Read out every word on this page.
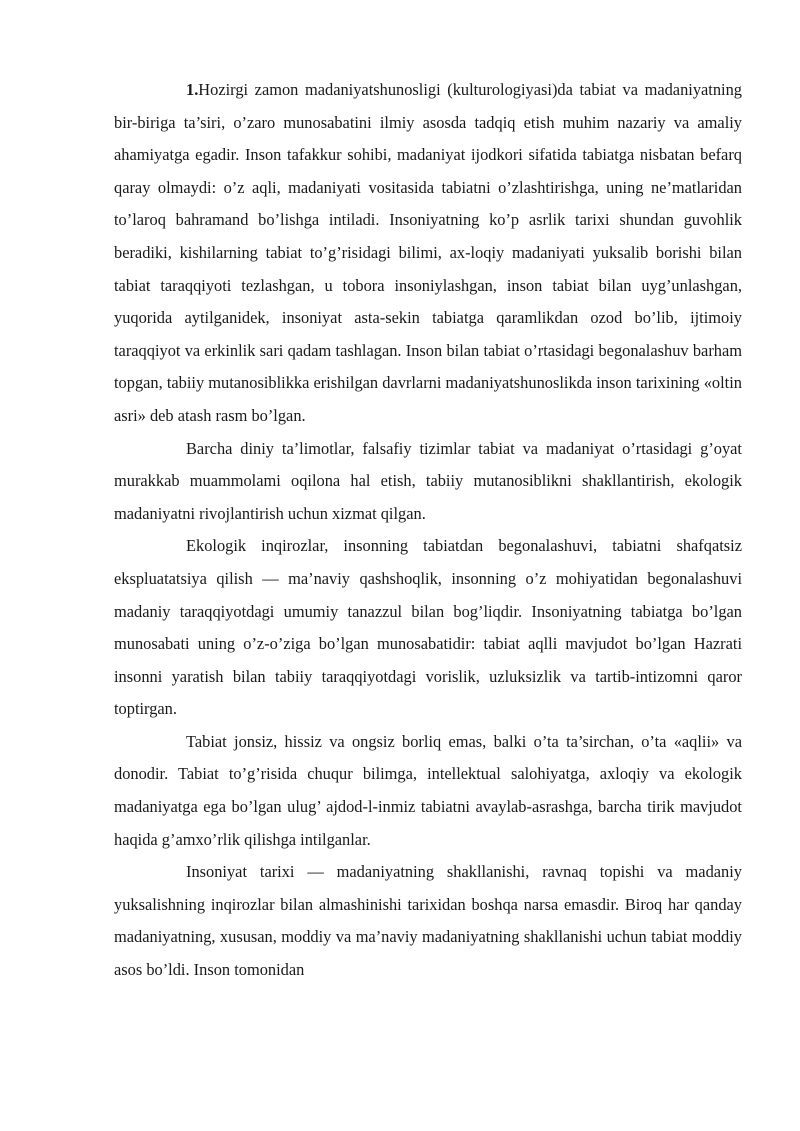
1.Hozirgi zamon madaniyatshunosligi (kulturologiyasi)da tabiat va madaniyatning bir-biriga ta’siri, o’zaro munosabatini ilmiy asosda tadqiq etish muhim nazariy va amaliy ahamiyatga egadir. Inson tafakkur sohibi, madaniyat ijodkori sifatida tabiatga nisbatan befarq qaray olmaydi: o’z aqli, madaniyati vositasida tabiatni o’zlashtirishga, uning ne’matlaridan to’laroq bahramand bo’lishga intiladi. Insoniyatning ko’p asrlik tarixi shundan guvohlik beradiki, kishilarning tabiat to’g’risidagi bilimi, ax-loqiy madaniyati yuksalib borishi bilan tabiat taraqqiyoti tezlashgan, u tobora insoniylashgan, inson tabiat bilan uyg’unlashgan, yuqorida aytilganidek, insoniyat asta-sekin tabiatga qaramlikdan ozod bo’lib, ijtimoiy taraqqiyot va erkinlik sari qadam tashlagan. Inson bilan tabiat o’rtasidagi begonalashuv barham topgan, tabiiy mutanosiblikka erishilgan davrlarni madaniyatshunoslikda inson tarixining «oltin asri» deb atash rasm bo’lgan.

Barcha diniy ta’limotlar, falsafiy tizimlar tabiat va madaniyat o’rtasidagi g’oyat murakkab muammolami oqilona hal etish, tabiiy mutanosiblikni shakllantirish, ekologik madaniyatni rivojlantirish uchun xizmat qilgan.

Ekologik inqirozlar, insonning tabiatdan begonalashuvi, tabiatni shafqatsiz ekspluatatsiya qilish — ma’naviy qashshoqlik, insonning o’z mohiyatidan begonalashuvi madaniy taraqqiyotdagi umumiy tanazzul bilan bog’liqdir. Insoniyatning tabiatga bo’lgan munosabati uning o’z-o’ziga bo’lgan munosabatidir: tabiat aqlli mavjudot bo’lgan Hazrati insonni yaratish bilan tabiiy taraqqiyotdagi vorislik, uzluksizlik va tartib-intizomni qaror toptirgan.

Tabiat jonsiz, hissiz va ongsiz borliq emas, balki o’ta ta’sirchan, o’ta «aqlii» va donodir. Tabiat to’g’risida chuqur bilimga, intellektual salohiyatga, axloqiy va ekologik madaniyatga ega bo’lgan ulug’ ajdod-l-inmiz tabiatni avaylab-asrashga, barcha tirik mavjudot haqida g’amxo’rlik qilishga intilganlar.

Insoniyat tarixi — madaniyatning shakllanishi, ravnaq topishi va madaniy yuksalishning inqirozlar bilan almashinishi tarixidan boshqa narsa emasdir. Biroq har qanday madaniyatning, xususan, moddiy va ma’naviy madaniyatning shakllanishi uchun tabiat moddiy asos bo’ldi. Inson tomonidan
